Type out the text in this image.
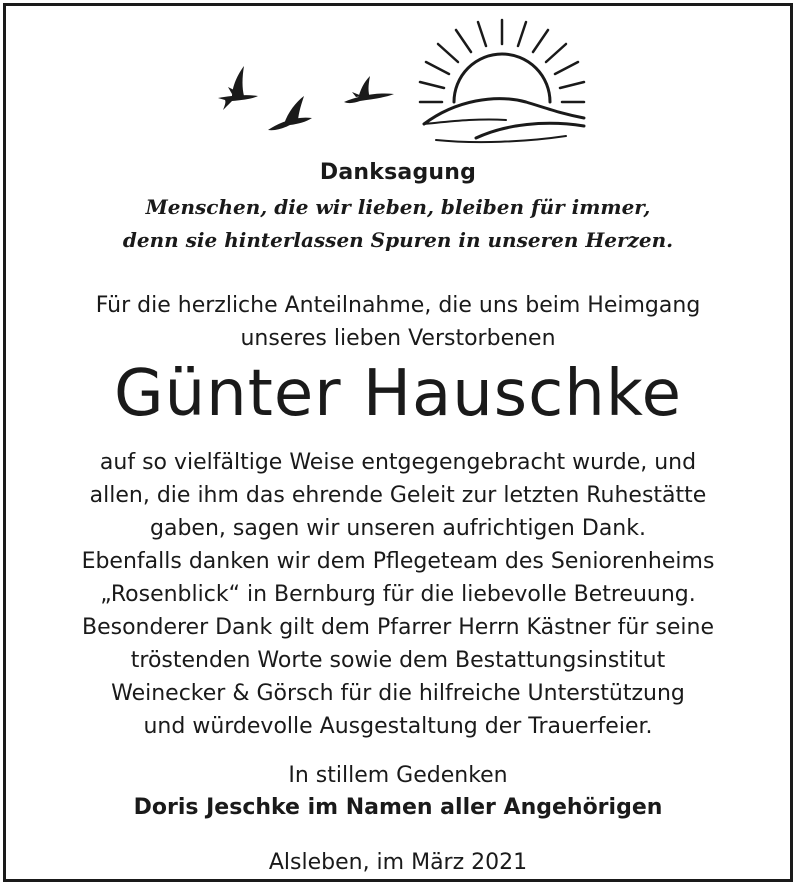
Danksagung
Menschen, die wir lieben, bleiben für immer,
denn sie hinterlassen Spuren in unseren Herzen.
Für die herzliche Anteilnahme, die uns beim Heimgang
unseres lieben Verstorbenen
Günter Hauschke
auf so vielfältige Weise entgegengebracht wurde, und
allen, die ihm das ehrende Geleit zur letzten Ruhestätte
gaben, sagen wir unseren aufrichtigen Dank.
Ebenfalls danken wir dem Pflegeteam des Seniorenheims
„Rosenblick“ in Bernburg für die liebevolle Betreuung.
Besonderer Dank gilt dem Pfarrer Herrn Kästner für seine
tröstenden Worte sowie dem Bestattungsinstitut
Weinecker & Görsch für die hilfreiche Unterstützung
und würdevolle Ausgestaltung der Trauerfeier.
In stillem Gedenken
Doris Jeschke im Namen aller Angehörigen
Alsleben, im März 2021
